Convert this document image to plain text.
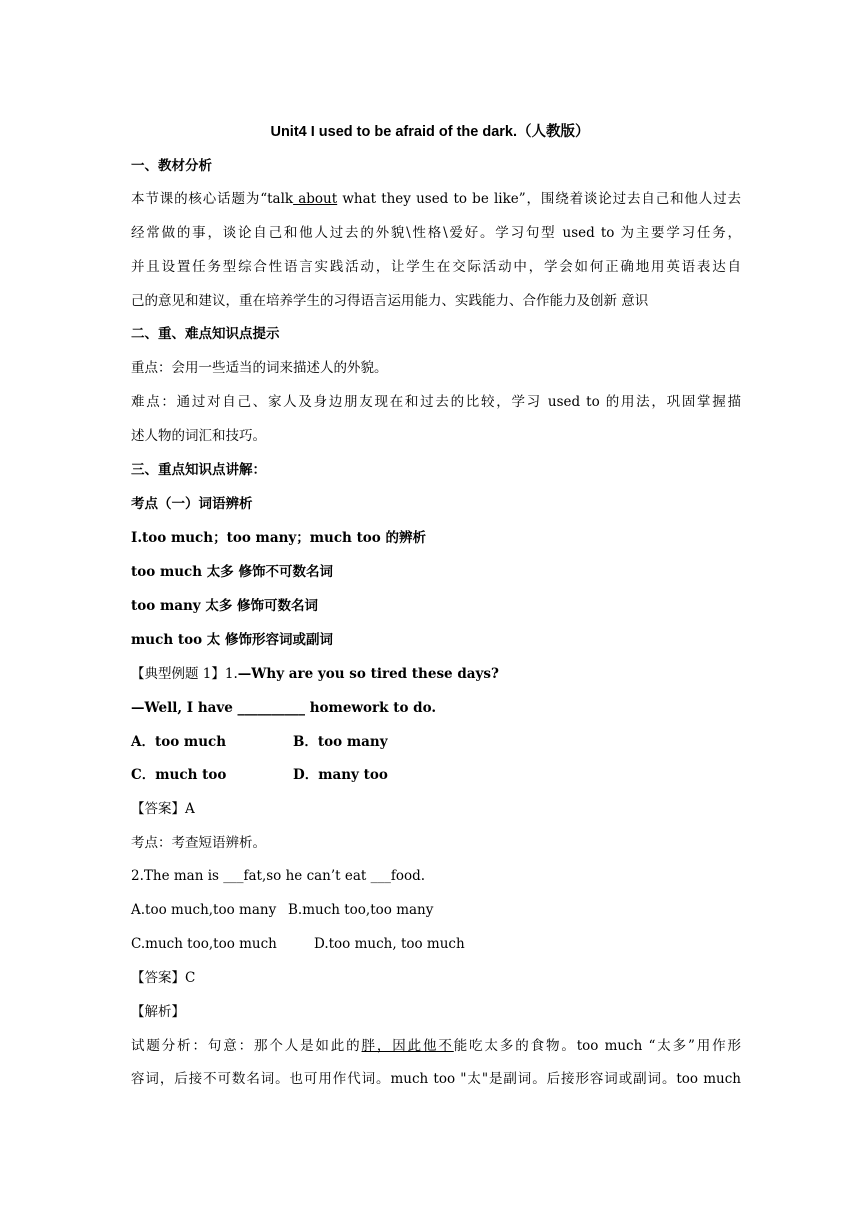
Unit4 I used to be afraid of the dark.（人教版）
一、教材分析
本节课的核心话题为“talk about what they used to be like”，围绕着谈论过去自己和他人过去
经常做的事，谈论自己和他人过去的外貌\性格\爱好。学习句型 used to 为主要学习任务，
并且设置任务型综合性语言实践活动，让学生在交际活动中，学会如何正确地用英语表达自
己的意见和建议，重在培养学生的习得语言运用能力、实践能力、合作能力及创新 意识
二、重、难点知识点提示
重点：会用一些适当的词来描述人的外貌。
难点：通过对自己、家人及身边朋友现在和过去的比较，学习 used to 的用法，巩固掌握描
述人物的词汇和技巧。
三、重点知识点讲解：
考点（一）词语辨析
Ⅰ.too much；too many；much too 的辨析
too much 太多 修饰不可数名词
too many 太多 修饰可数名词
much too 太 修饰形容词或副词
【典型例题 1】1.—Why are you so tired these days?
—Well, I have __________ homework to do.
A．too much	B．too many
C．much too	D．many too
【答案】A
考点：考查短语辨析。
2.The man is ___fat,so he can’t eat ___food.
A.too much,too many B.much too,too many
C.much too,too much	D.too much, too much
【答案】C
【解析】
试题分析：句意：那个人是如此的胖，因此他不能吃太多的食物。too much “太多”用作形
容词，后接不可数名词。也可用作代词。much too "太"是副词。后接形容词或副词。too much
